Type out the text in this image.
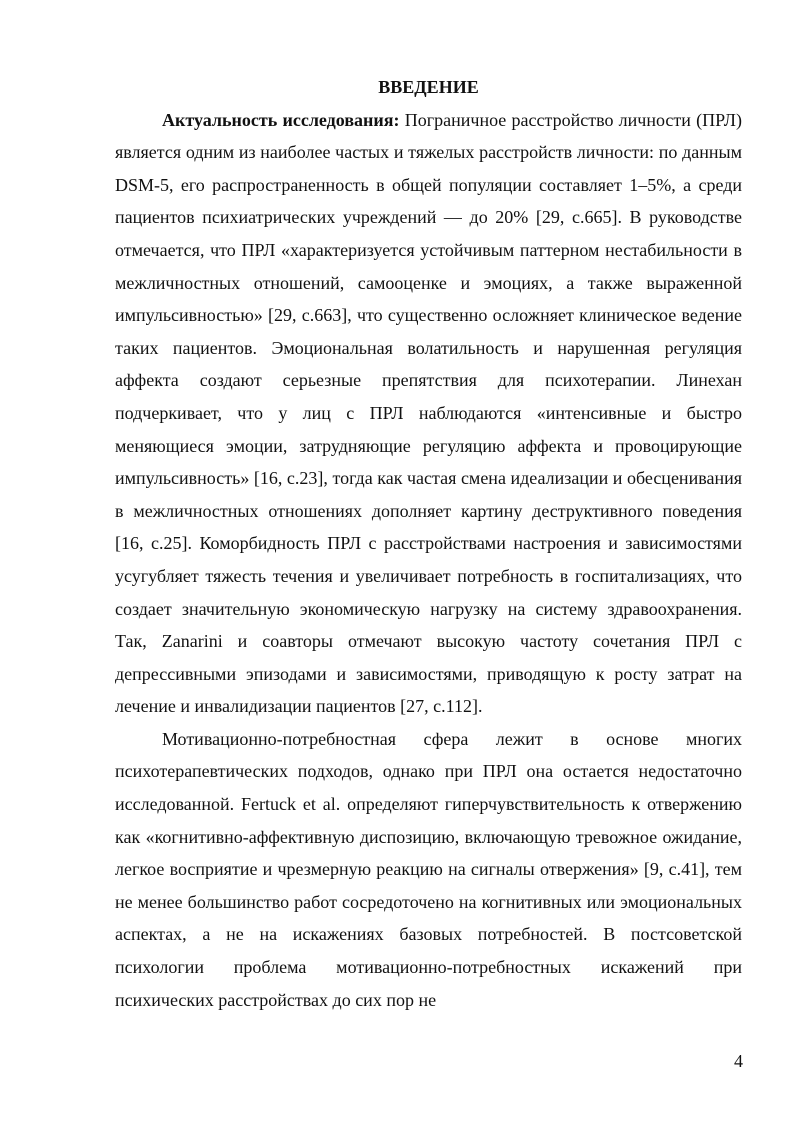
ВВЕДЕНИЕ

Актуальность исследования: Пограничное расстройство личности (ПРЛ) является одним из наиболее частых и тяжелых расстройств личности: по данным DSM-5, его распространенность в общей популяции составляет 1–5%, а среди пациентов психиатрических учреждений — до 20% [29, с.665]. В руководстве отмечается, что ПРЛ «характеризуется устойчивым паттерном нестабильности в межличностных отношений, самооценке и эмоциях, а также выраженной импульсивностью» [29, с.663], что существенно осложняет клиническое ведение таких пациентов. Эмоциональная волатильность и нарушенная регуляция аффекта создают серьезные препятствия для психотерапии. Линехан подчеркивает, что у лиц с ПРЛ наблюдаются «интенсивные и быстро меняющиеся эмоции, затрудняющие регуляцию аффекта и провоцирующие импульсивность» [16, с.23], тогда как частая смена идеализации и обесценивания в межличностных отношениях дополняет картину деструктивного поведения [16, с.25]. Коморбидность ПРЛ с расстройствами настроения и зависимостями усугубляет тяжесть течения и увеличивает потребность в госпитализациях, что создает значительную экономическую нагрузку на систему здравоохранения. Так, Zanarini и соавторы отмечают высокую частоту сочетания ПРЛ с депрессивными эпизодами и зависимостями, приводящую к росту затрат на лечение и инвалидизации пациентов [27, с.112].

Мотивационно-потребностная сфера лежит в основе многих психотерапевтических подходов, однако при ПРЛ она остается недостаточно исследованной. Fertuck et al. определяют гиперчувствительность к отвержению как «когнитивно-аффективную диспозицию, включающую тревожное ожидание, легкое восприятие и чрезмерную реакцию на сигналы отвержения» [9, с.41], тем не менее большинство работ сосредоточено на когнитивных или эмоциональных аспектах, а не на искажениях базовых потребностей. В постсоветской психологии проблема мотивационно-потребностных искажений при психических расстройствах до сих пор не

4
